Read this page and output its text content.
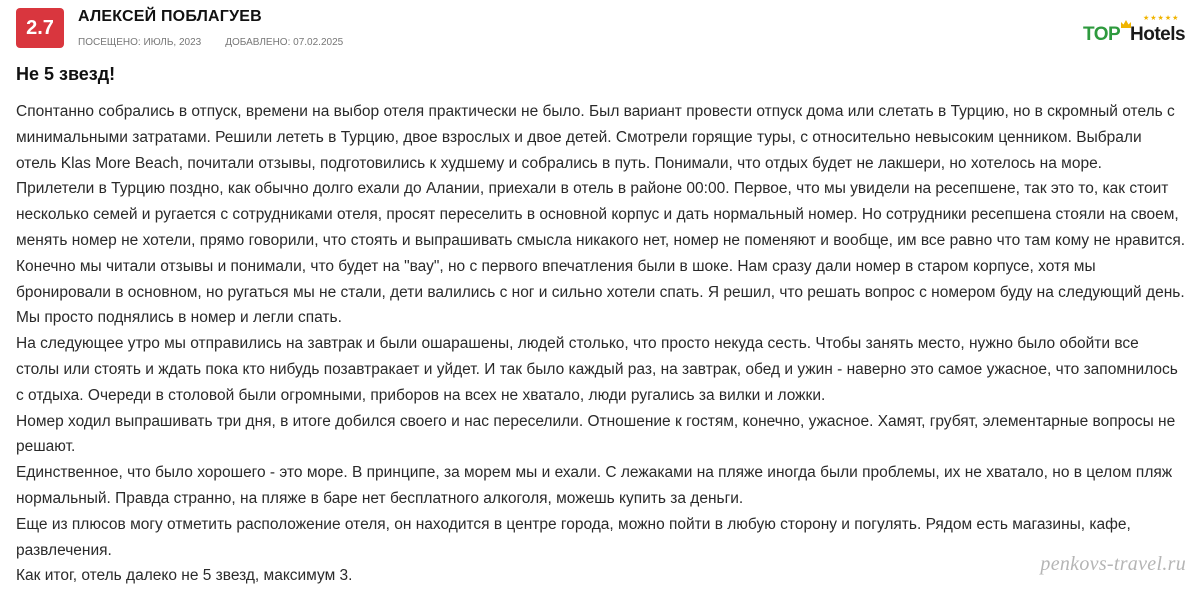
2.7 АЛЕКСЕЙ ПОБЛАГУЕВ
ПОСЕЩЕНО: ИЮЛЬ, 2023 ДОБАВЛЕНО: 07.02.2025
★★★★★
TOP Hotels
Не 5 звезд!

Спонтанно собрались в отпуск, времени на выбор отеля практически не было. Был вариант провести отпуск дома или слетать в Турцию, но в скромный отель с минимальными затратами. Решили лететь в Турцию, двое взрослых и двое детей. Смотрели горящие туры, с относительно невысоким ценником. Выбрали отель Klas More Beach, почитали отзывы, подготовились к худшему и собрались в путь. Понимали, что отдых будет не лакшери, но хотелось на море.

Прилетели в Турцию поздно, как обычно долго ехали до Алании, приехали в отель в районе 00:00. Первое, что мы увидели на ресепшене, так это то, как стоит несколько семей и ругается с сотрудниками отеля, просят переселить в основной корпус и дать нормальный номер. Но сотрудники ресепшена стояли на своем, менять номер не хотели, прямо говорили, что стоять и выпрашивать смысла никакого нет, номер не поменяют и вообще, им все равно что там кому не нравится. Конечно мы читали отзывы и понимали, что будет на "вау", но с первого впечатления были в шоке. Нам сразу дали номер в старом корпусе, хотя мы бронировали в основном, но ругаться мы не стали, дети валились с ног и сильно хотели спать. Я решил, что решать вопрос с номером буду на следующий день. Мы просто поднялись в номер и легли спать.

На следующее утро мы отправились на завтрак и были ошарашены, людей столько, что просто некуда сесть. Чтобы занять место, нужно было обойти все столы или стоять и ждать пока кто нибудь позавтракает и уйдет. И так было каждый раз, на завтрак, обед и ужин - наверно это самое ужасное, что запомнилось с отдыха. Очереди в столовой были огромными, приборов на всех не хватало, люди ругались за вилки и ложки.

Номер ходил выпрашивать три дня, в итоге добился своего и нас переселили. Отношение к гостям, конечно, ужасное. Хамят, грубят, элементарные вопросы не решают.

Единственное, что было хорошего - это море. В принципе, за морем мы и ехали. С лежаками на пляже иногда были проблемы, их не хватало, но в целом пляж нормальный. Правда странно, на пляже в баре нет бесплатного алкоголя, можешь купить за деньги.

Еще из плюсов могу отметить расположение отеля, он находится в центре города, можно пойти в любую сторону и погулять. Рядом есть магазины, кафе, развлечения.

Как итог, отель далеко не 5 звезд, максимум 3.

penkovs-travel.ru
